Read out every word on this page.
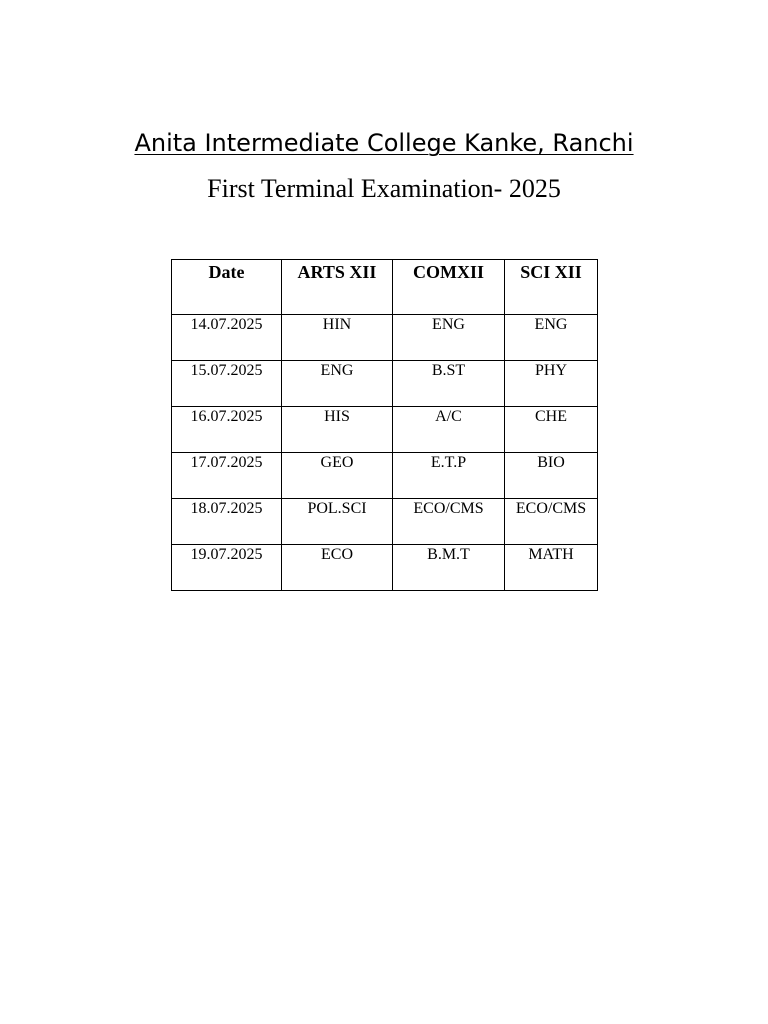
Anita Intermediate College Kanke, Ranchi
First Terminal Examination- 2025
Date	ARTS XII	COMXII	SCI XII
14.07.2025	HIN	ENG	ENG
15.07.2025	ENG	B.ST	PHY
16.07.2025	HIS	A/C	CHE
17.07.2025	GEO	E.T.P	BIO
18.07.2025	POL.SCI	ECO/CMS	ECO/CMS
19.07.2025	ECO	B.M.T	MATH
